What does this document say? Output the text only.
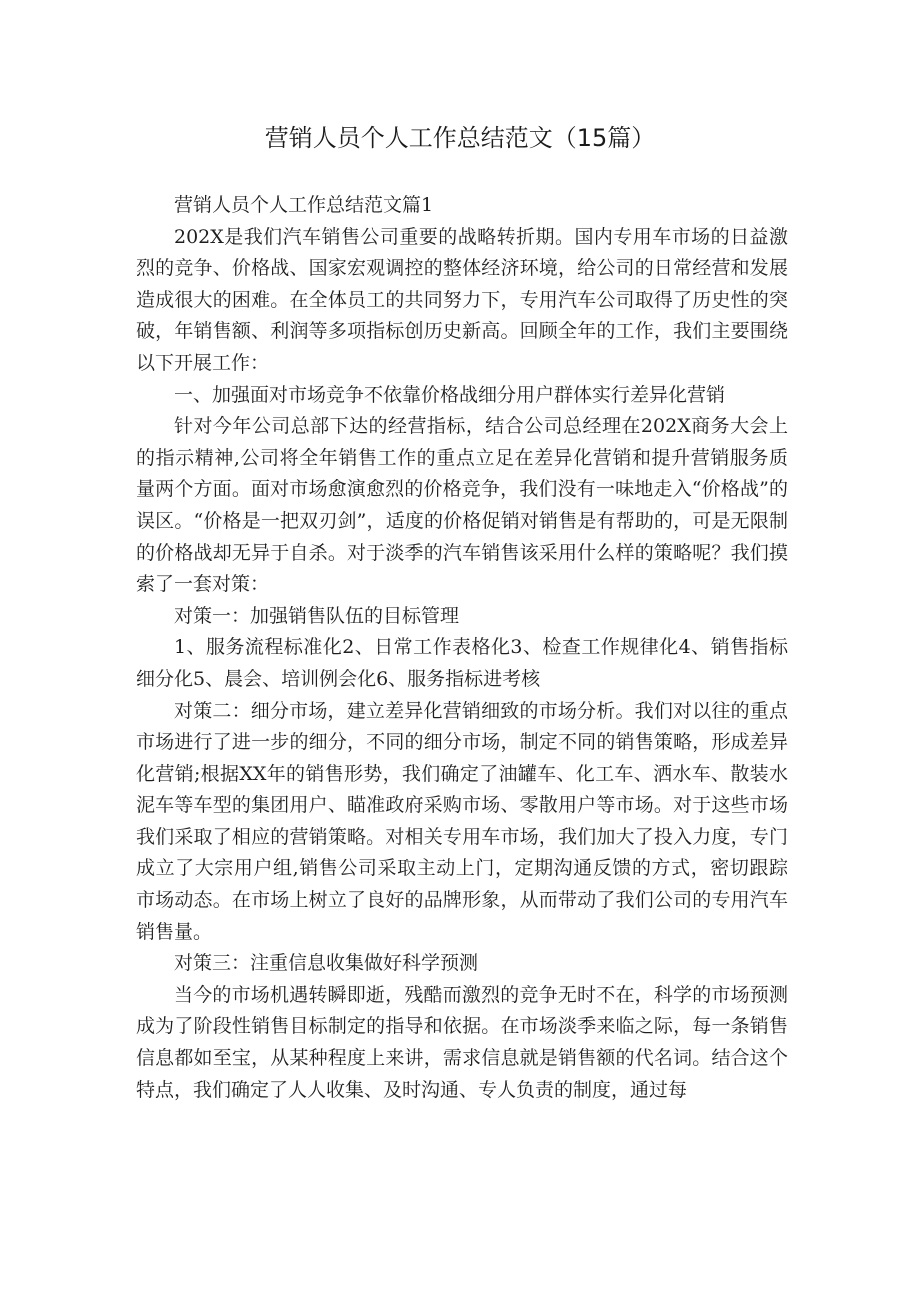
营销人员个人工作总结范文（15篇）

营销人员个人工作总结范文篇1

202X是我们汽车销售公司重要的战略转折期。国内专用车市场的日益激烈的竞争、价格战、国家宏观调控的整体经济环境，给公司的日常经营和发展造成很大的困难。在全体员工的共同努力下，专用汽车公司取得了历史性的突破，年销售额、利润等多项指标创历史新高。回顾全年的工作，我们主要围绕以下开展工作：

一、加强面对市场竞争不依靠价格战细分用户群体实行差异化营销

针对今年公司总部下达的经营指标，结合公司总经理在202X商务大会上的指示精神,公司将全年销售工作的重点立足在差异化营销和提升营销服务质量两个方面。面对市场愈演愈烈的价格竞争，我们没有一味地走入“价格战”的误区。“价格是一把双刃剑”，适度的价格促销对销售是有帮助的，可是无限制的价格战却无异于自杀。对于淡季的汽车销售该采用什么样的策略呢？我们摸索了一套对策：

对策一：加强销售队伍的目标管理

1、服务流程标准化2、日常工作表格化3、检查工作规律化4、销售指标细分化5、晨会、培训例会化6、服务指标进考核

对策二：细分市场，建立差异化营销细致的市场分析。我们对以往的重点市场进行了进一步的细分，不同的细分市场，制定不同的销售策略，形成差异化营销;根据XX年的销售形势，我们确定了油罐车、化工车、洒水车、散装水泥车等车型的集团用户、瞄准政府采购市场、零散用户等市场。对于这些市场我们采取了相应的营销策略。对相关专用车市场，我们加大了投入力度，专门成立了大宗用户组,销售公司采取主动上门，定期沟通反馈的方式，密切跟踪市场动态。在市场上树立了良好的品牌形象，从而带动了我们公司的专用汽车销售量。

对策三：注重信息收集做好科学预测

当今的市场机遇转瞬即逝，残酷而激烈的竞争无时不在，科学的市场预测成为了阶段性销售目标制定的指导和依据。在市场淡季来临之际，每一条销售信息都如至宝，从某种程度上来讲，需求信息就是销售额的代名词。结合这个特点，我们确定了人人收集、及时沟通、专人负责的制度，通过每
